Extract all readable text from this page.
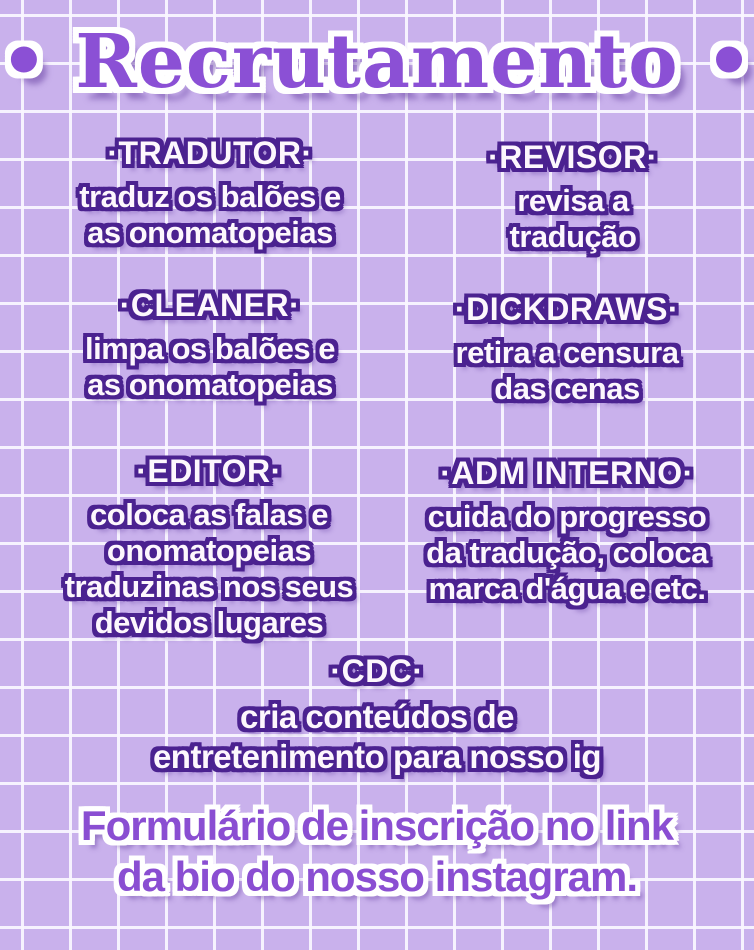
• Recrutamento •
·TRADUTOR·
traduz os balões e
as onomatopeias
·REVISOR·
revisa a
tradução
·CLEANER·
limpa os balões e
as onomatopeias
·DICKDRAWS·
retira a censura
das cenas
·EDITOR·
coloca as falas e
onomatopeias
traduzinas nos seus
devidos lugares
·ADM INTERNO·
cuida do progresso
da tradução, coloca
marca d'água e etc.
·CDC·
cria conteúdos de
entretenimento para nosso ig
Formulário de inscrição no link
da bio do nosso instagram.
